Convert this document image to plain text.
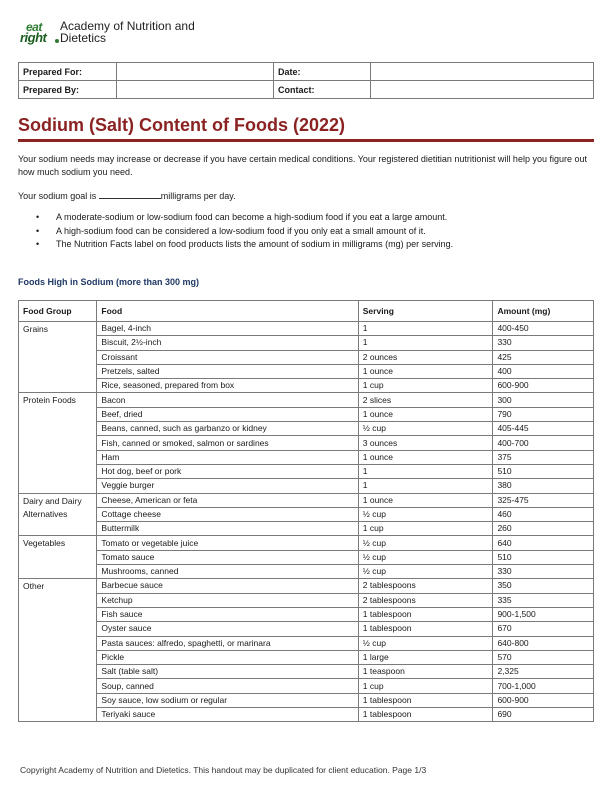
eat
right
Academy of Nutrition and Dietetics
Prepared For:		Date:	
Prepared By:		Contact:	
Sodium (Salt) Content of Foods (2022)
Your sodium needs may increase or decrease if you have certain medical conditions. Your registered dietitian nutritionist will help you figure out how much sodium you need.
Your sodium goal is	milligrams per day.
• A moderate-sodium or low-sodium food can become a high-sodium food if you eat a large amount.
• A high-sodium food can be considered a low-sodium food if you only eat a small amount of it.
• The Nutrition Facts label on food products lists the amount of sodium in milligrams (mg) per serving.
Foods High in Sodium (more than 300 mg)
Food Group	Food	Serving	Amount (mg)
Grains	Bagel, 4-inch	1	400-450
	Biscuit, 2½-inch	1	330
	Croissant	2 ounces	425
	Pretzels, salted	1 ounce	400
	Rice, seasoned, prepared from box	1 cup	600-900
Protein Foods	Bacon	2 slices	300
	Beef, dried	1 ounce	790
	Beans, canned, such as garbanzo or kidney	½ cup	405-445
	Fish, canned or smoked, salmon or sardines	3 ounces	400-700
	Ham	1 ounce	375
	Hot dog, beef or pork	1	510
	Veggie burger	1	380
Dairy and Dairy Alternatives	Cheese, American or feta	1 ounce	325-475
	Cottage cheese	½ cup	460
	Buttermilk	1 cup	260
Vegetables	Tomato or vegetable juice	½ cup	640
	Tomato sauce	½ cup	510
	Mushrooms, canned	½ cup	330
Other	Barbecue sauce	2 tablespoons	350
	Ketchup	2 tablespoons	335
	Fish sauce	1 tablespoon	900-1,500
	Oyster sauce	1 tablespoon	670
	Pasta sauces: alfredo, spaghetti, or marinara	½ cup	640-800
	Pickle	1 large	570
	Salt (table salt)	1 teaspoon	2,325
	Soup, canned	1 cup	700-1,000
	Soy sauce, low sodium or regular	1 tablespoon	600-900
	Teriyaki sauce	1 tablespoon	690
Copyright Academy of Nutrition and Dietetics. This handout may be duplicated for client education. Page 1/3
